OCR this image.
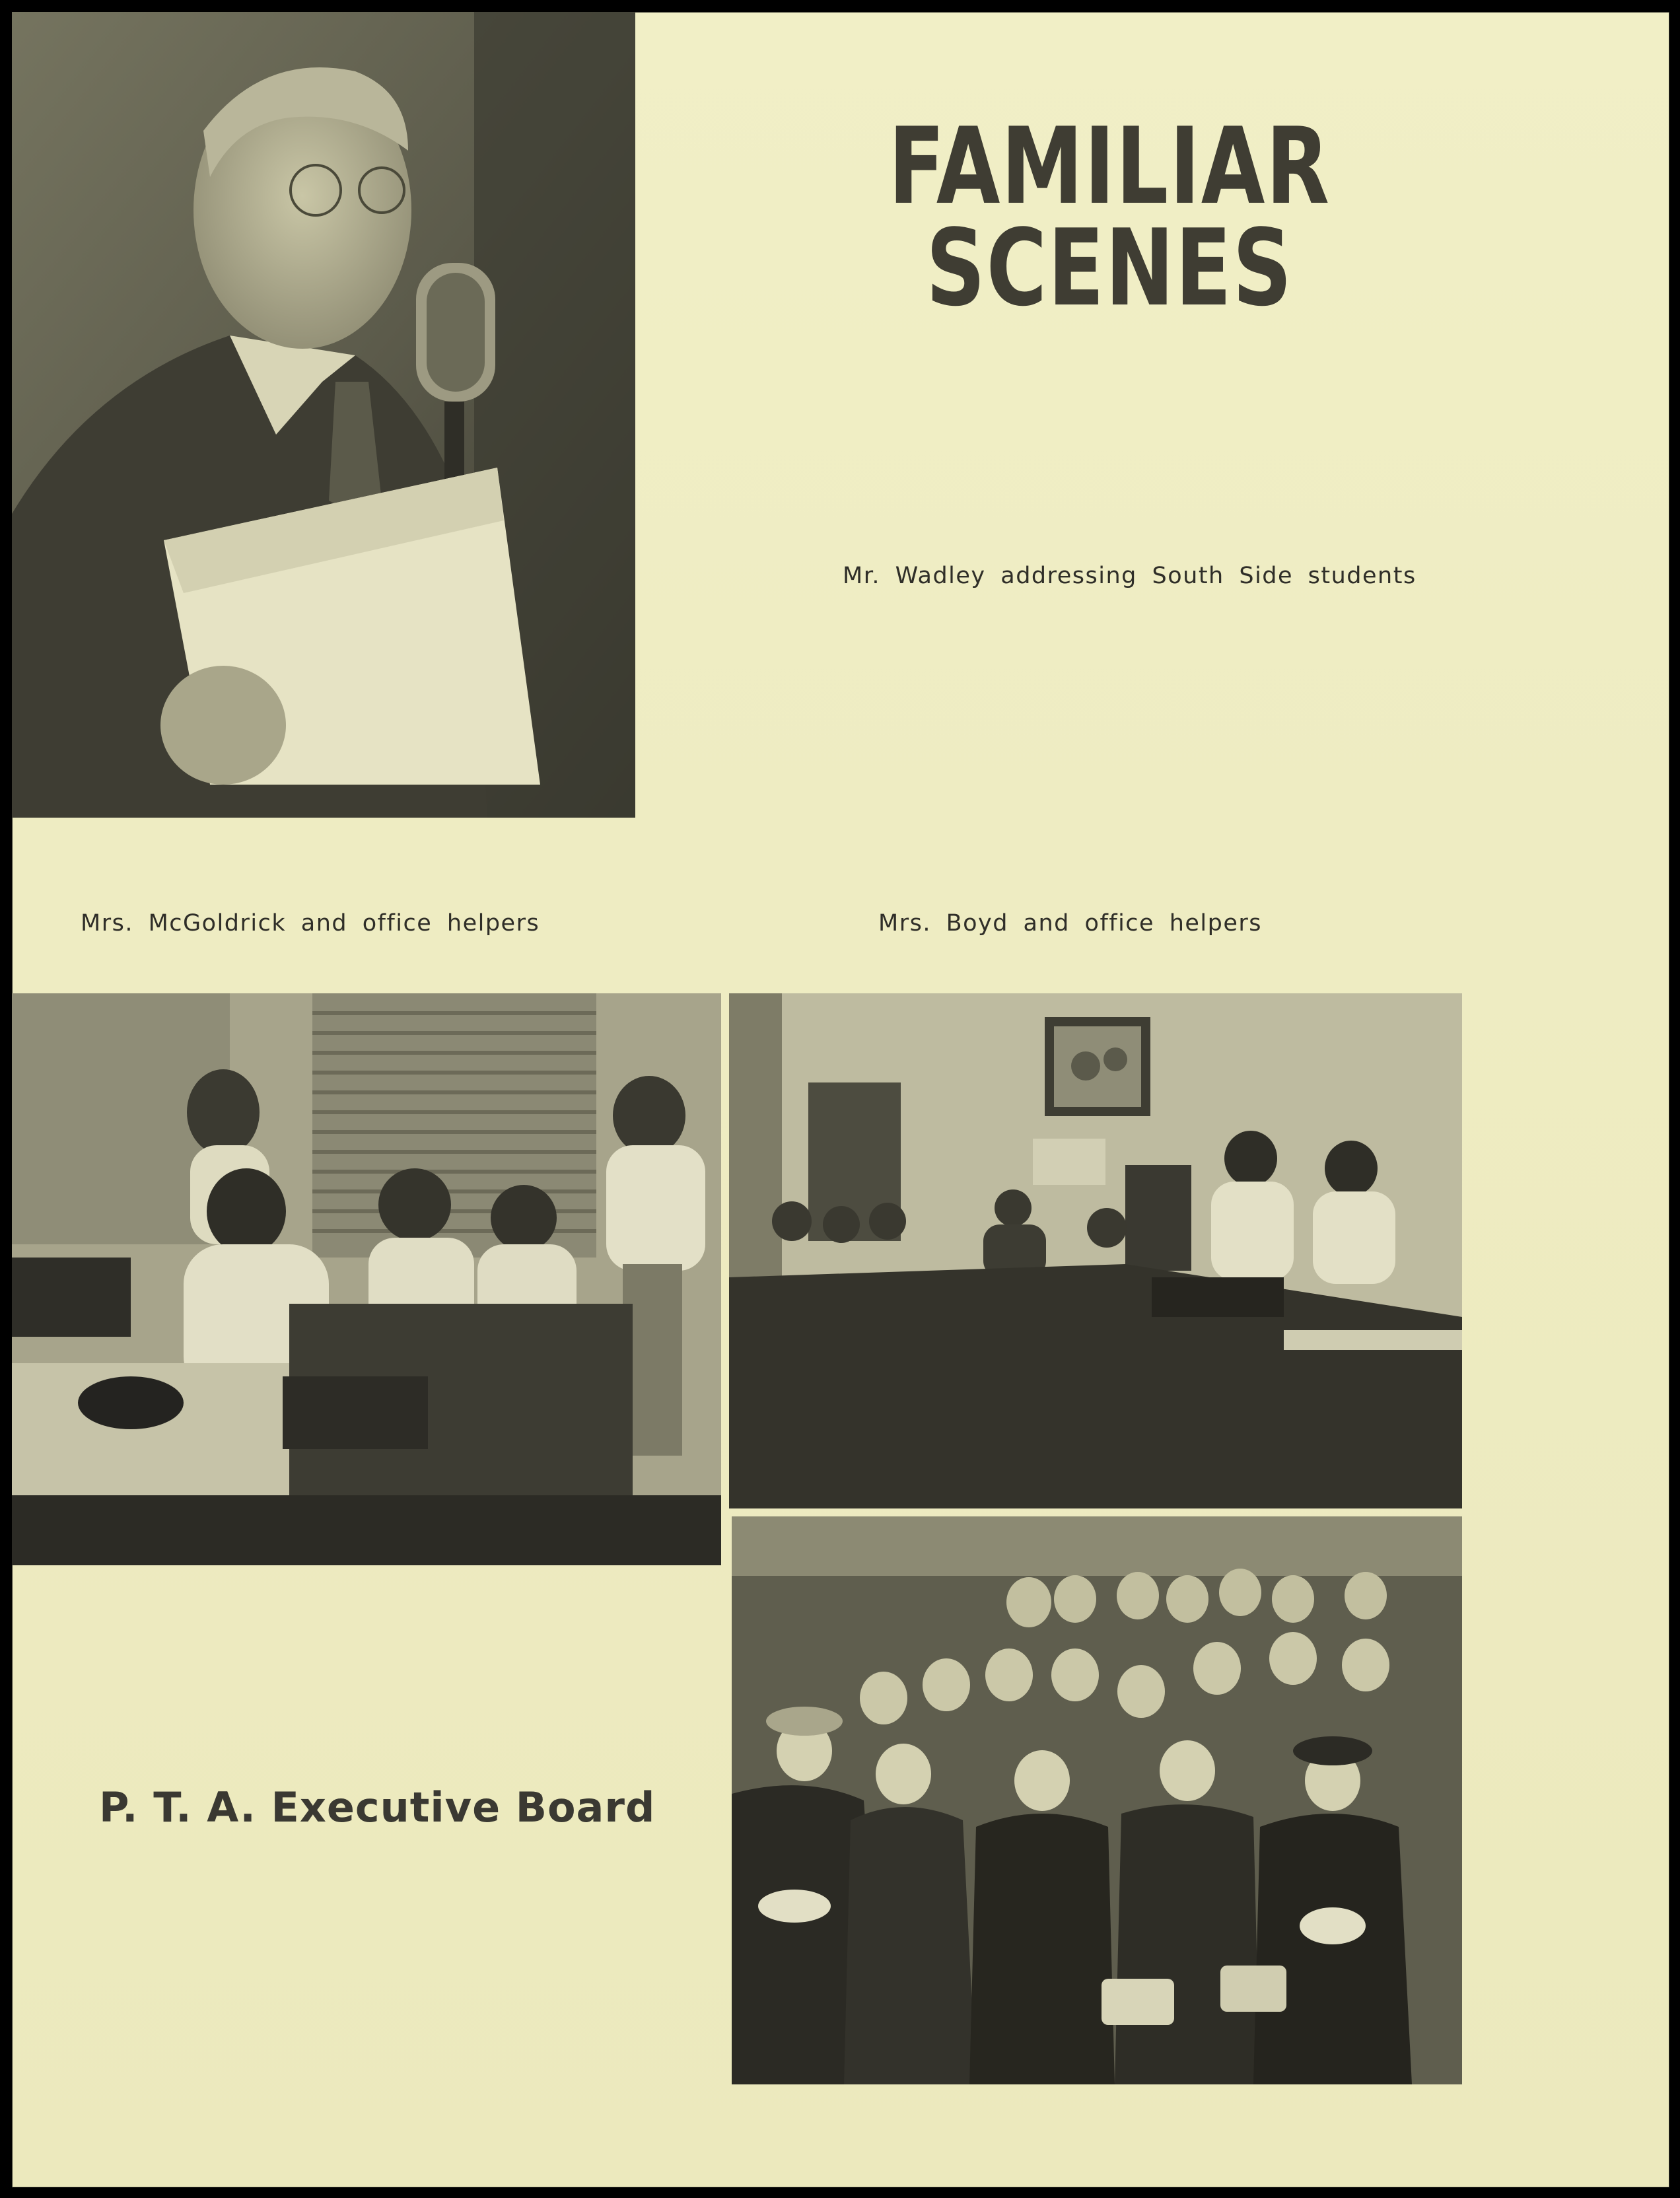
FAMILIAR
SCENES
Mr. Wadley addressing South Side students
Mrs. McGoldrick and office helpers	Mrs. Boyd and office helpers
P. T. A. Executive Board
